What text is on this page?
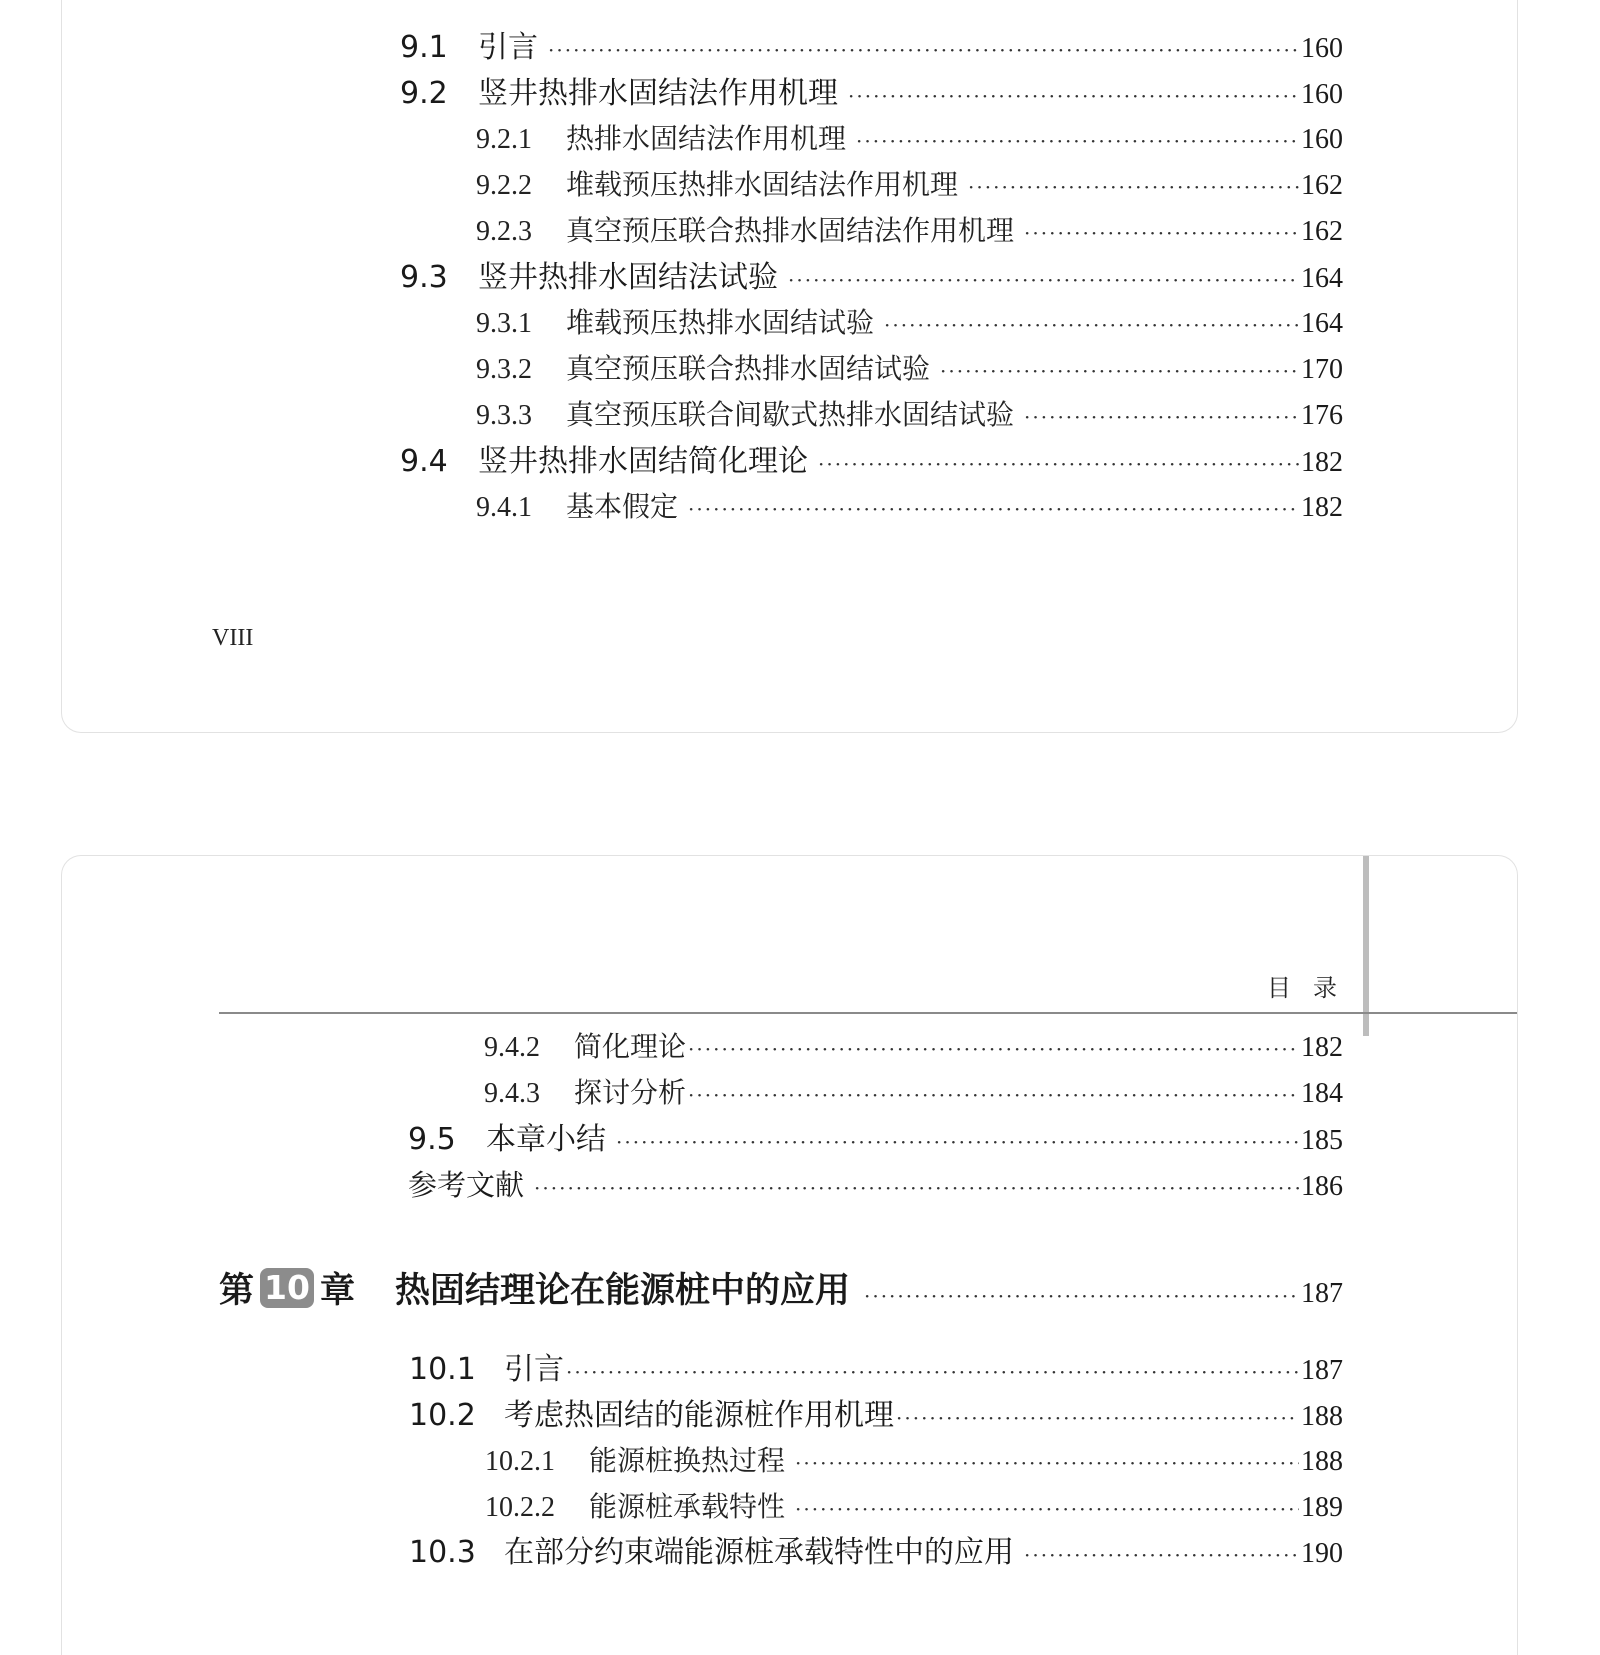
9.1	引言 ·····	160
9.2	竖井热排水固结法作用机理 ·····	160
9.2.1	热排水固结法作用机理 ·····	160
9.2.2	堆载预压热排水固结法作用机理 ·····	162
9.2.3	真空预压联合热排水固结法作用机理 ·····	162
9.3	竖井热排水固结法试验 ·····	164
9.3.1	堆载预压热排水固结试验 ·····	164
9.3.2	真空预压联合热排水固结试验 ·····	170
9.3.3	真空预压联合间歇式热排水固结试验 ·····	176
9.4	竖井热排水固结简化理论 ·····	182
9.4.1	基本假定 ·····	182
VIII
目录
9.4.2	简化理论 ·····	182
9.4.3	探讨分析 ·····	184
9.5	本章小结 ·····	185
参考文献 ·····	186
第 10 章 热固结理论在能源桩中的应用 ·····	187
10.1 引言 ·····	187
10.2 考虑热固结的能源桩作用机理 ·····	188
10.2.1	能源桩换热过程 ·····	188
10.2.2	能源桩承载特性 ·····	189
10.3 在部分约束端能源桩承载特性中的应用 ·····	190
